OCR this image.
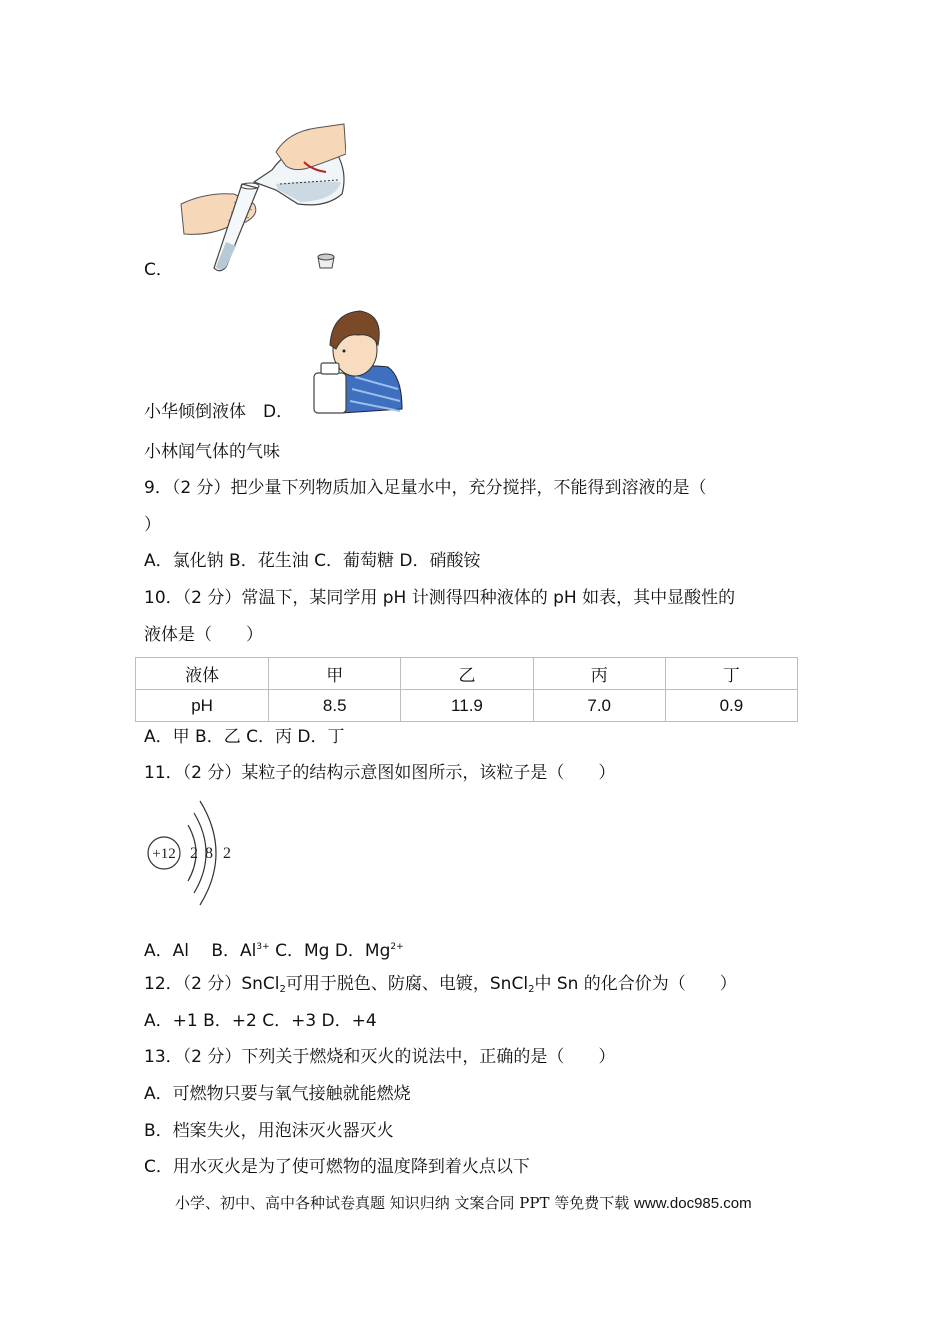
C．
小华倾倒液体　 D．
小林闻气体的气味
9．（2 分）把少量下列物质加入足量水中，充分搅拌，不能得到溶液的是（
）
A．氯化钠 B．花生油 C．葡萄糖 D．硝酸铵
10．（2 分）常温下，某同学用 pH 计测得四种液体的 pH 如表，其中显酸性的
液体是（　　）
液体	甲	乙	丙	丁
pH	8.5	11.9	7.0	0.9
A．甲 B．乙 C．丙 D．丁
11．（2 分）某粒子的结构示意图如图所示，该粒子是（　　）
+12 2 8 2
A．Al　 B．$Al^{3+}$ C．Mg D．$Mg^{2+}$
12．（2 分）SnCl$_2$可用于脱色、防腐、电镀，SnCl$_2$中 Sn 的化合价为（　　）
A．+1 B．+2 C．+3 D．+4
13．（2 分）下列关于燃烧和灭火的说法中，正确的是（　　）
A．可燃物只要与氧气接触就能燃烧
B．档案失火，用泡沫灭火器灭火
C．用水灭火是为了使可燃物的温度降到着火点以下
小学、初中、高中各种试卷真题 知识归纳 文案合同 PPT 等免费下载 www.doc985.com
